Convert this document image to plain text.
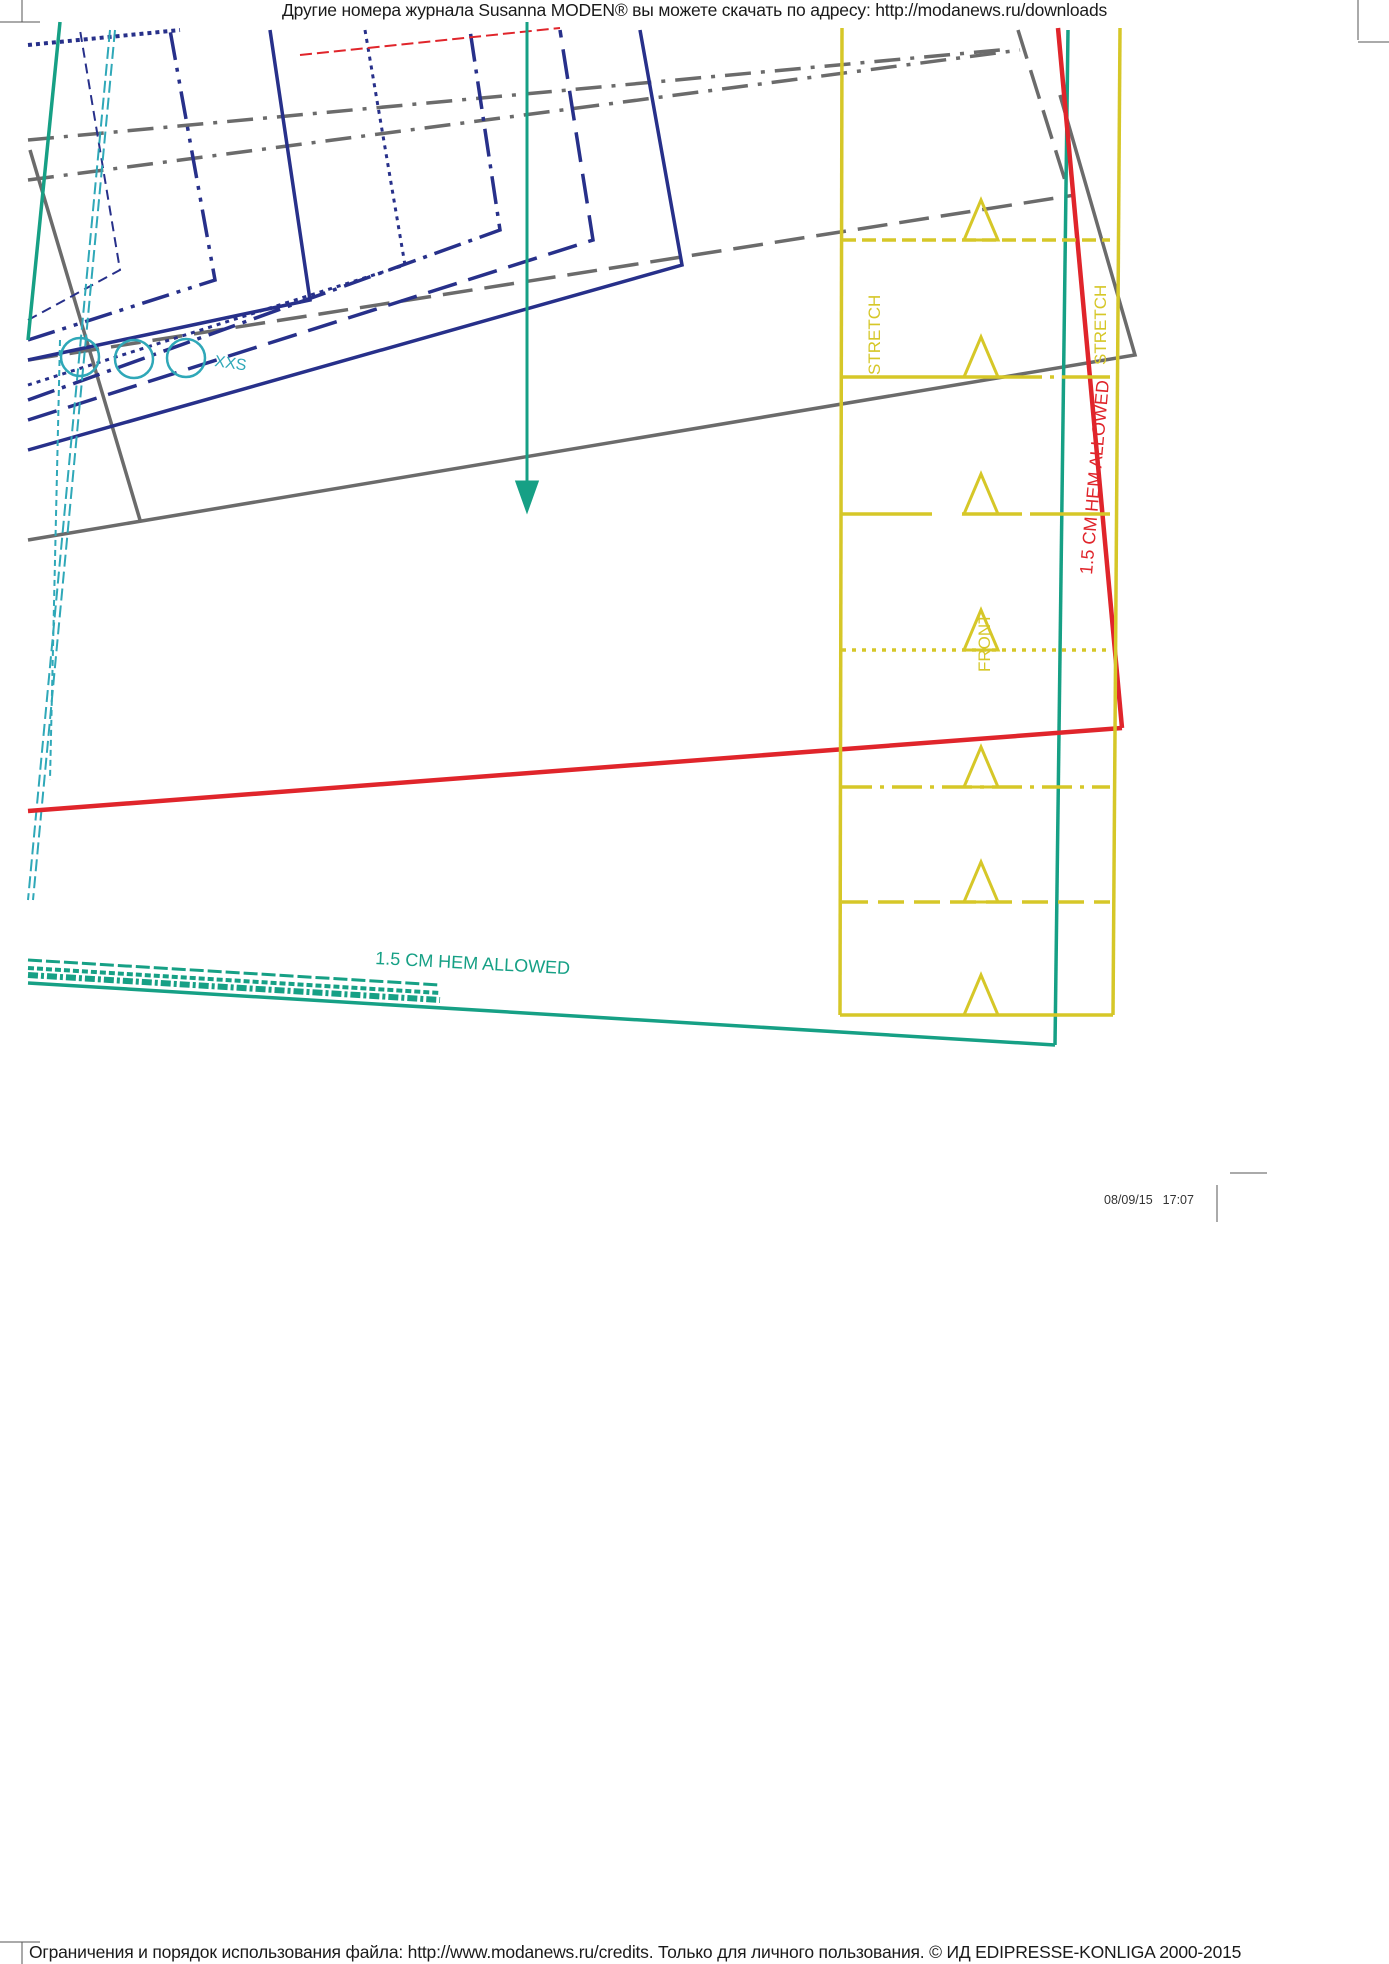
Другие номера журнала Susanna MODEN® вы можете скачать по адресу: http://modanews.ru/downloads
XXS
1.5 CM HEM ALLOWED
1.5 CM HEM ALLOWED
STRETCH	STRETCH
FRONT
08/09/15 17:07
Ограничения и порядок использования файла: http://www.modanews.ru/credits. Только для личного пользования. © ИД EDIPRESSE-KONLIGA 2000-2015
